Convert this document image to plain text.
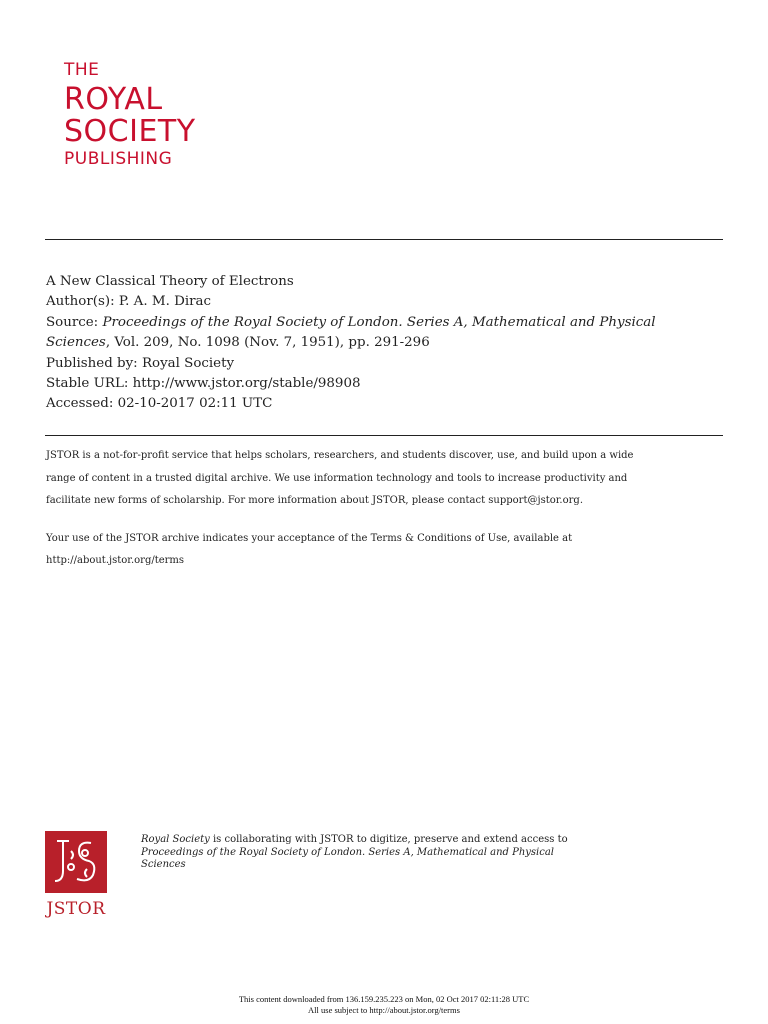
THE
ROYAL
SOCIETY
PUBLISHING
A New Classical Theory of Electrons
Author(s): P. A. M. Dirac
Source: Proceedings of the Royal Society of London. Series A, Mathematical and Physical
Sciences, Vol. 209, No. 1098 (Nov. 7, 1951), pp. 291-296
Published by: Royal Society
Stable URL: http://www.jstor.org/stable/98908
Accessed: 02-10-2017 02:11 UTC

JSTOR is a not-for-profit service that helps scholars, researchers, and students discover, use, and build upon a wide
range of content in a trusted digital archive. We use information technology and tools to increase productivity and
facilitate new forms of scholarship. For more information about JSTOR, please contact support@jstor.org.

Your use of the JSTOR archive indicates your acceptance of the Terms & Conditions of Use, available at
http://about.jstor.org/terms

JSTOR
Royal Society is collaborating with JSTOR to digitize, preserve and extend access to
Proceedings of the Royal Society of London. Series A, Mathematical and Physical
Sciences
This content downloaded from 136.159.235.223 on Mon, 02 Oct 2017 02:11:28 UTC
All use subject to http://about.jstor.org/terms
